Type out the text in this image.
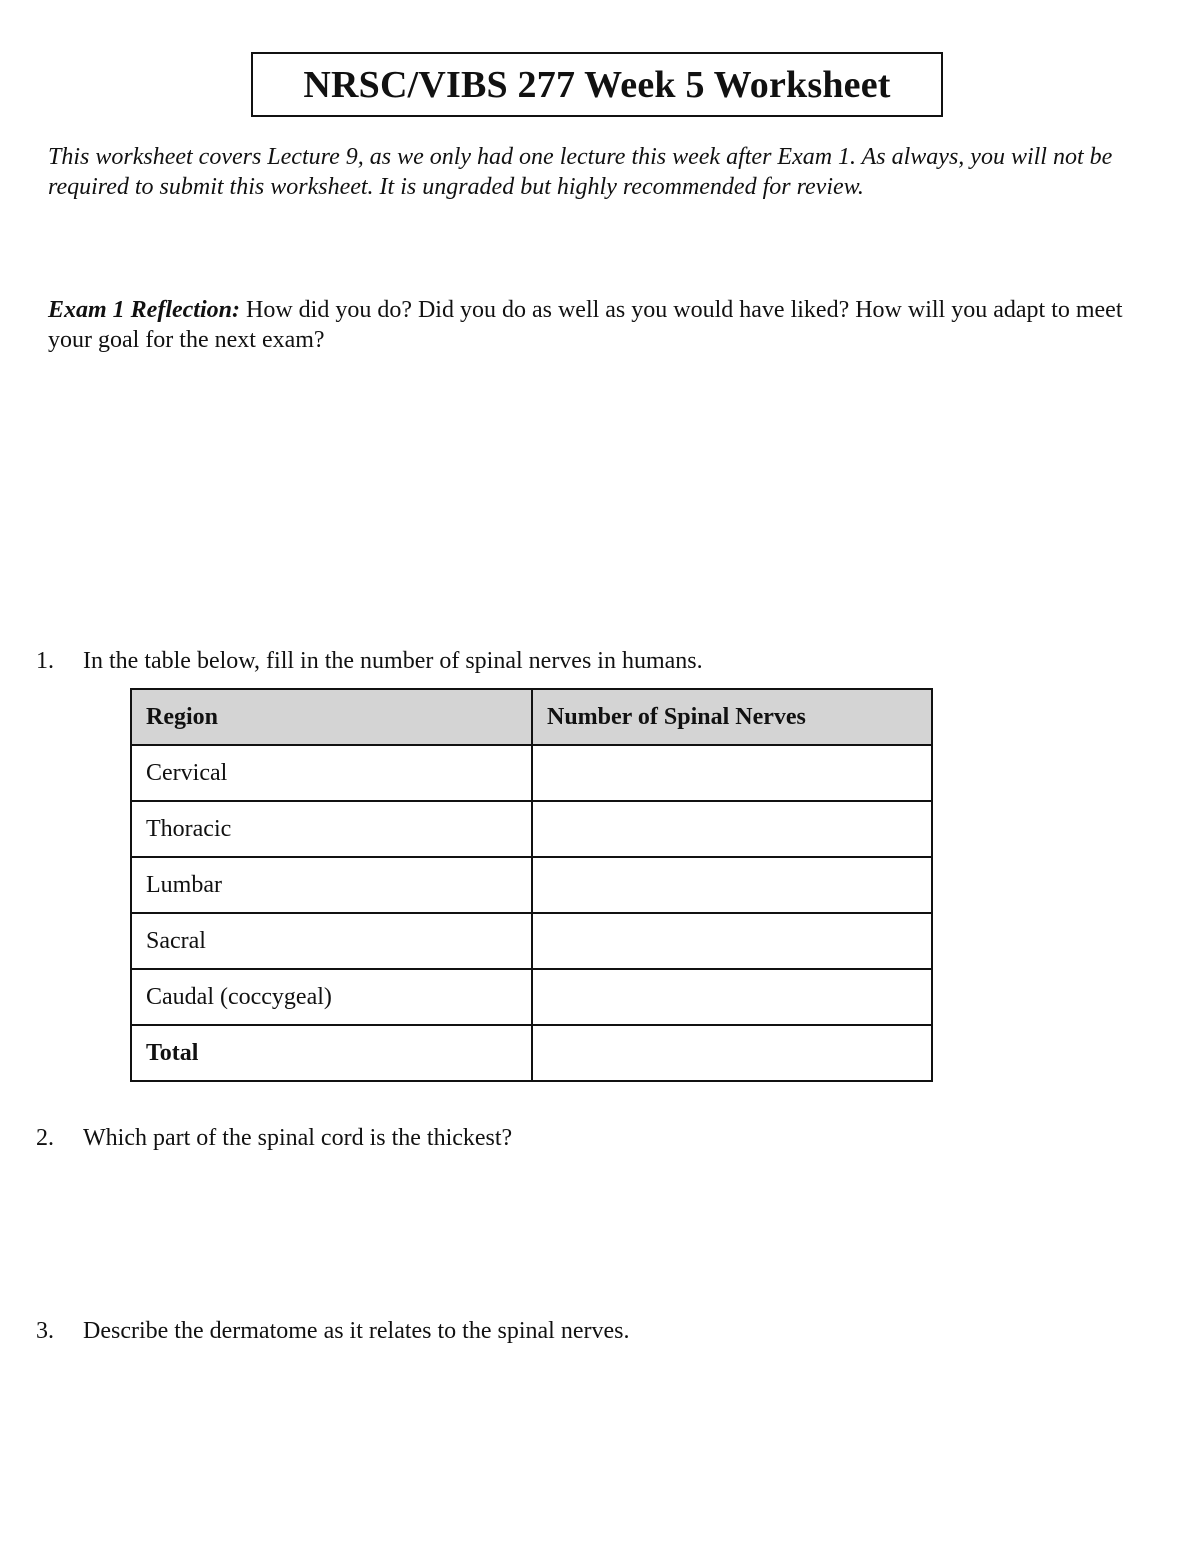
NRSC/VIBS 277 Week 5 Worksheet

This worksheet covers Lecture 9, as we only had one lecture this week after Exam 1. As always, you will not be required to submit this worksheet. It is ungraded but highly recommended for review.

Exam 1 Reflection: How did you do? Did you do as well as you would have liked? How will you adapt to meet your goal for the next exam?

1.	In the table below, fill in the number of spinal nerves in humans.
Region	Number of Spinal Nerves
Cervical	
Thoracic	
Lumbar	
Sacral	
Caudal (coccygeal)	
Total	
2.	Which part of the spinal cord is the thickest?
3.	Describe the dermatome as it relates to the spinal nerves.
